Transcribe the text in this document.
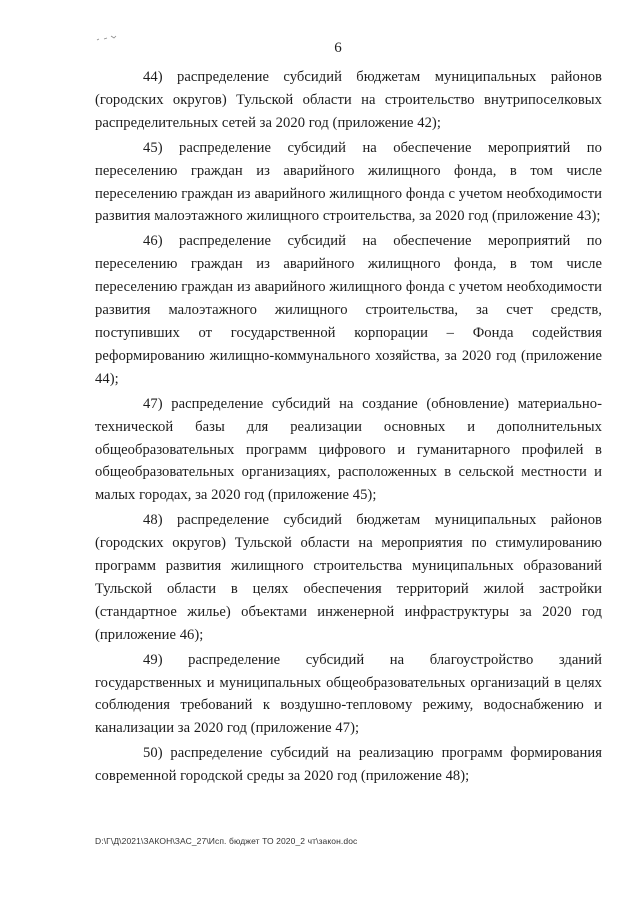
6

44) распределение субсидий бюджетам муниципальных районов (городских округов) Тульской области на строительство внутрипоселковых распределительных сетей за 2020 год (приложение 42);

45) распределение субсидий на обеспечение мероприятий по переселению граждан из аварийного жилищного фонда, в том числе переселению граждан из аварийного жилищного фонда с учетом необходимости развития малоэтажного жилищного строительства, за 2020 год (приложение 43);

46) распределение субсидий на обеспечение мероприятий по переселению граждан из аварийного жилищного фонда, в том числе переселению граждан из аварийного жилищного фонда с учетом необходимости развития малоэтажного жилищного строительства, за счет средств, поступивших от государственной корпорации – Фонда содействия реформированию жилищно-коммунального хозяйства, за 2020 год (приложение 44);

47) распределение субсидий на создание (обновление) материально-технической базы для реализации основных и дополнительных общеобразовательных программ цифрового и гуманитарного профилей в общеобразовательных организациях, расположенных в сельской местности и малых городах, за 2020 год (приложение 45);

48) распределение субсидий бюджетам муниципальных районов (городских округов) Тульской области на мероприятия по стимулированию программ развития жилищного строительства муниципальных образований Тульской области в целях обеспечения территорий жилой застройки (стандартное жилье) объектами инженерной инфраструктуры за 2020 год (приложение 46);

49) распределение субсидий на благоустройство зданий государственных и муниципальных общеобразовательных организаций в целях соблюдения требований к воздушно-тепловому режиму, водоснабжению и канализации за 2020 год (приложение 47);

50) распределение субсидий на реализацию программ формирования современной городской среды за 2020 год (приложение 48);

D:\Г\Д\2021\ЗАКОН\ЗАС_27\Исп. бюджет ТО 2020_2 чт\закон.doc
